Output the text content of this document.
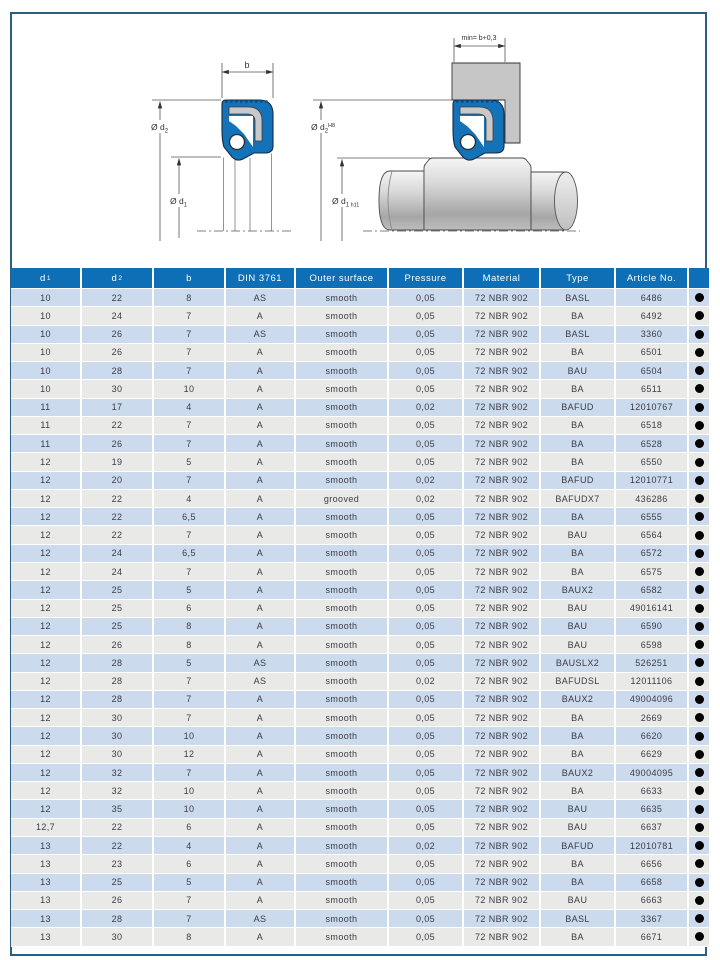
b
Ø $d_2$
Ø $d_1$
min= b+0,3
Ø $d_2^{H8}$
Ø $d_1$ h11
d 1	d 2	b	DIN 3761	Outer surface	Pressure	Material	Type	Article No.
10	22	8	AS	smooth	0,05	72 NBR 902	BASL	6486
10	24	7	A	smooth	0,05	72 NBR 902	BA	6492
10	26	7	AS	smooth	0,05	72 NBR 902	BASL	3360
10	26	7	A	smooth	0,05	72 NBR 902	BA	6501
10	28	7	A	smooth	0,05	72 NBR 902	BAU	6504
10	30	10	A	smooth	0,05	72 NBR 902	BA	6511
11	17	4	A	smooth	0,02	72 NBR 902	BAFUD	12010767
11	22	7	A	smooth	0,05	72 NBR 902	BA	6518
11	26	7	A	smooth	0,05	72 NBR 902	BA	6528
12	19	5	A	smooth	0,05	72 NBR 902	BA	6550
12	20	7	A	smooth	0,02	72 NBR 902	BAFUD	12010771
12	22	4	A	grooved	0,02	72 NBR 902	BAFUDX7	436286
12	22	6,5	A	smooth	0,05	72 NBR 902	BA	6555
12	22	7	A	smooth	0,05	72 NBR 902	BAU	6564
12	24	6,5	A	smooth	0,05	72 NBR 902	BA	6572
12	24	7	A	smooth	0,05	72 NBR 902	BA	6575
12	25	5	A	smooth	0,05	72 NBR 902	BAUX2	6582
12	25	6	A	smooth	0,05	72 NBR 902	BAU	49016141
12	25	8	A	smooth	0,05	72 NBR 902	BAU	6590
12	26	8	A	smooth	0,05	72 NBR 902	BAU	6598
12	28	5	AS	smooth	0,05	72 NBR 902	BAUSLX2	526251
12	28	7	AS	smooth	0,02	72 NBR 902	BAFUDSL	12011106
12	28	7	A	smooth	0,05	72 NBR 902	BAUX2	49004096
12	30	7	A	smooth	0,05	72 NBR 902	BA	2669
12	30	10	A	smooth	0,05	72 NBR 902	BA	6620
12	30	12	A	smooth	0,05	72 NBR 902	BA	6629
12	32	7	A	smooth	0,05	72 NBR 902	BAUX2	49004095
12	32	10	A	smooth	0,05	72 NBR 902	BA	6633
12	35	10	A	smooth	0,05	72 NBR 902	BAU	6635
12,7	22	6	A	smooth	0,05	72 NBR 902	BAU	6637
13	22	4	A	smooth	0,02	72 NBR 902	BAFUD	12010781
13	23	6	A	smooth	0,05	72 NBR 902	BA	6656
13	25	5	A	smooth	0,05	72 NBR 902	BA	6658
13	26	7	A	smooth	0,05	72 NBR 902	BAU	6663
13	28	7	AS	smooth	0,05	72 NBR 902	BASL	3367
13	30	8	A	smooth	0,05	72 NBR 902	BA	6671
